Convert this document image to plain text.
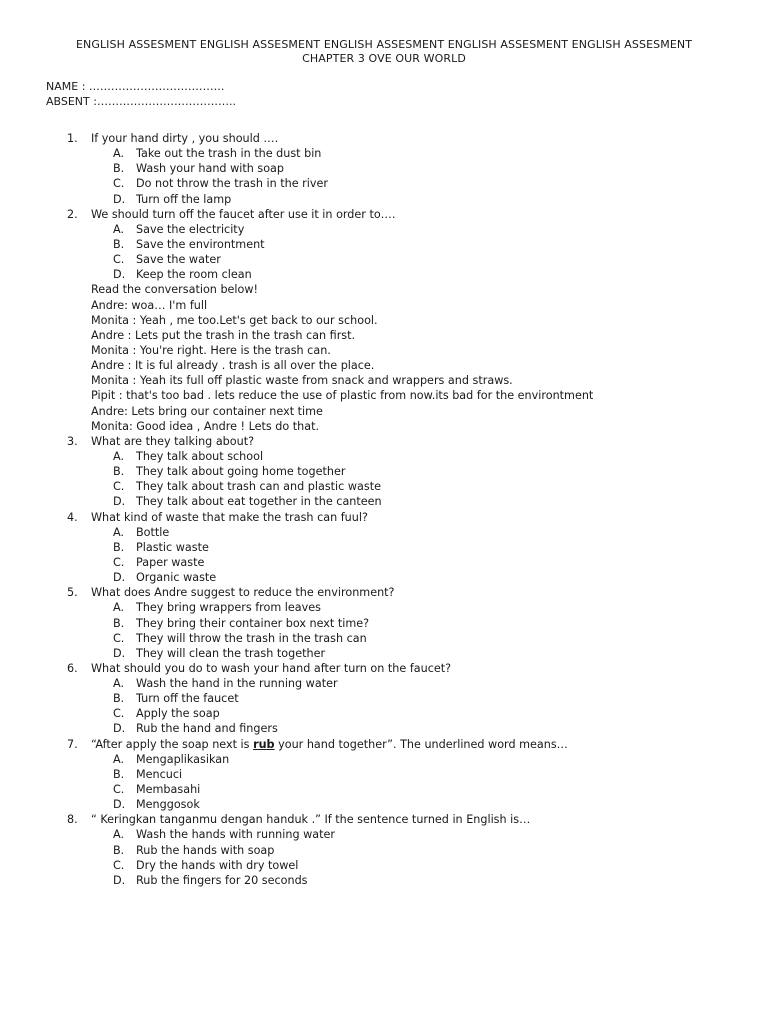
ENGLISH ASSESMENT ENGLISH ASSESMENT ENGLISH ASSESMENT ENGLISH ASSESMENT ENGLISH ASSESMENT
CHAPTER 3 OVE OUR WORLD
NAME : ……………………………….
ABSENT :………………………………..
1. If your hand dirty , you should ….
A. Take out the trash in the dust bin
B. Wash your hand with soap
C. Do not throw the trash in the river
D. Turn off the lamp
2. We should turn off the faucet after use it in order to….
A. Save the electricity
B. Save the environtment
C. Save the water
D. Keep the room clean
Read the conversation below!
Andre: woa… I'm full
Monita : Yeah , me too.Let's get back to our school.
Andre : Lets put the trash in the trash can first.
Monita : You're right. Here is the trash can.
Andre : It is ful already . trash is all over the place.
Monita : Yeah its full off plastic waste from snack and wrappers and straws.
Pipit : that's too bad . lets reduce the use of plastic from now.its bad for the environtment
Andre: Lets bring our container next time
Monita: Good idea , Andre ! Lets do that.
3. What are they talking about?
A. They talk about school
B. They talk about going home together
C. They talk about trash can and plastic waste
D. They talk about eat together in the canteen
4. What kind of waste that make the trash can fuul?
A. Bottle
B. Plastic waste
C. Paper waste
D. Organic waste
5. What does Andre suggest to reduce the environment?
A. They bring wrappers from leaves
B. They bring their container box next time?
C. They will throw the trash in the trash can
D. They will clean the trash together
6. What should you do to wash your hand after turn on the faucet?
A. Wash the hand in the running water
B. Turn off the faucet
C. Apply the soap
D. Rub the hand and fingers
7. “After apply the soap next is rub your hand together”. The underlined word means…
A. Mengaplikasikan
B. Mencuci
C. Membasahi
D. Menggosok
8. “ Keringkan tanganmu dengan handuk .” If the sentence turned in English is…
A. Wash the hands with running water
B. Rub the hands with soap
C. Dry the hands with dry towel
D. Rub the fingers for 20 seconds
